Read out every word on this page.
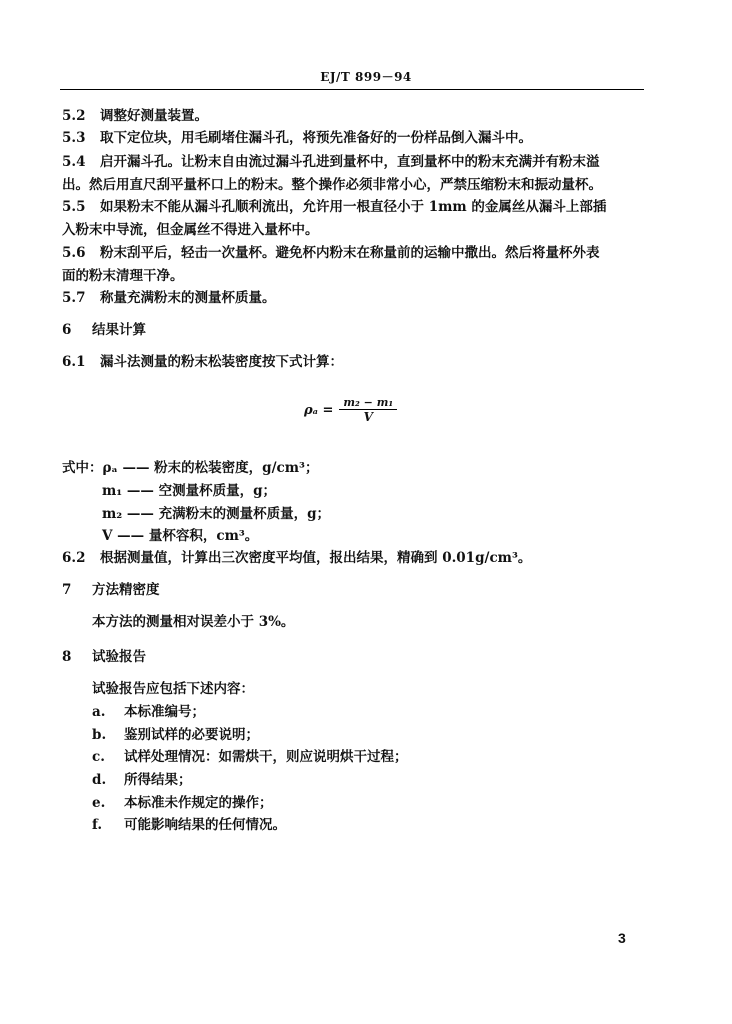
EJ/T 899－94
5.2 调整好测量装置。
5.3 取下定位块，用毛刷堵住漏斗孔，将预先准备好的一份样品倒入漏斗中。
5.4 启开漏斗孔。让粉末自由流过漏斗孔进到量杯中，直到量杯中的粉末充满并有粉末溢
出。然后用直尺刮平量杯口上的粉末。整个操作必须非常小心，严禁压缩粉末和振动量杯。
5.5 如果粉末不能从漏斗孔顺利流出，允许用一根直径小于 1mm 的金属丝从漏斗上部插
入粉末中导流，但金属丝不得进入量杯中。
5.6 粉末刮平后，轻击一次量杯。避免杯内粉末在称量前的运输中撒出。然后将量杯外表
面的粉末清理干净。
5.7 称量充满粉末的测量杯质量。
6 结果计算
6.1 漏斗法测量的粉末松装密度按下式计算：
$\rho_a = \frac{\text{m₂ − m₁}}{V}$
式中：ρₐ —— 粉末的松装密度，g/cm³；
m₁ —— 空测量杯质量，g；
m₂ —— 充满粉末的测量杯质量，g；
V —— 量杯容积，cm³。
6.2 根据测量值，计算出三次密度平均值，报出结果，精确到 0.01g/cm³。
7 方法精密度
本方法的测量相对误差小于 3%。
8 试验报告
试验报告应包括下述内容：
a. 本标准编号；
b. 鉴别试样的必要说明；
c. 试样处理情况：如需烘干，则应说明烘干过程；
d. 所得结果；
e. 本标准未作规定的操作；
f. 可能影响结果的任何情况。
3
